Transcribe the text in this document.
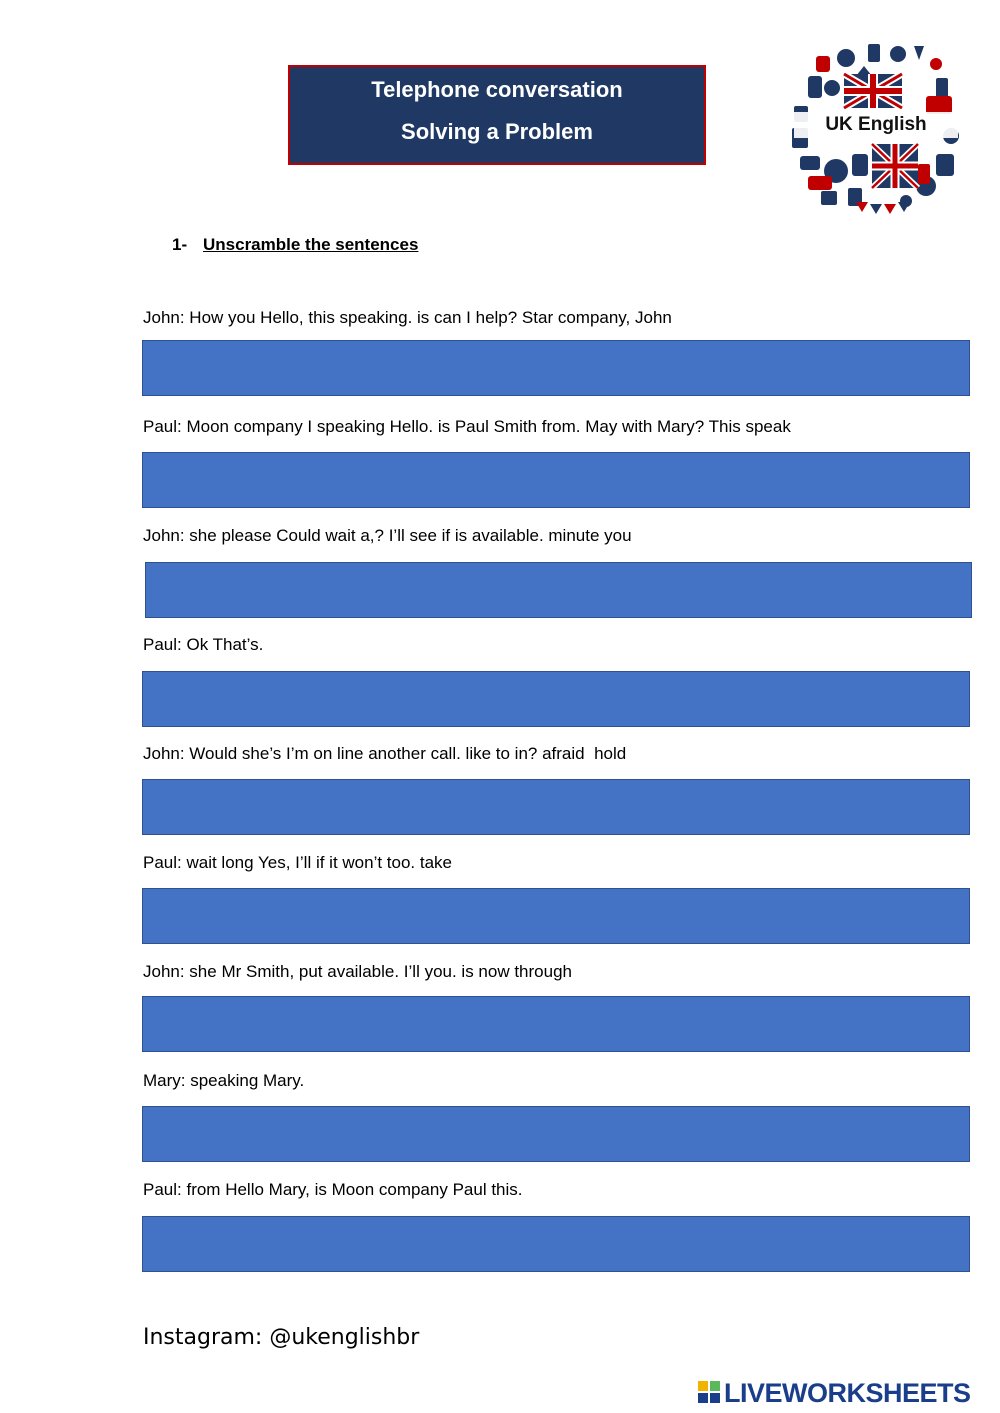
Telephone conversation
Solving a Problem	UK English
1- Unscramble the sentences
John: How you Hello, this speaking. is can I help? Star company, John
Paul: Moon company I speaking Hello. is Paul Smith from. May with Mary? This speak
John: she please Could wait a,? I’ll see if is available. minute you
Paul: Ok That’s.
John: Would she’s I’m on line another call. like to in? afraid  hold
Paul: wait long Yes, I’ll if it won’t too. take
John: she Mr Smith, put available. I’ll you. is now through
Mary: speaking Mary.
Paul: from Hello Mary, is Moon company Paul this.
Instagram: @ukenglishbr
LIVEWORKSHEETS
